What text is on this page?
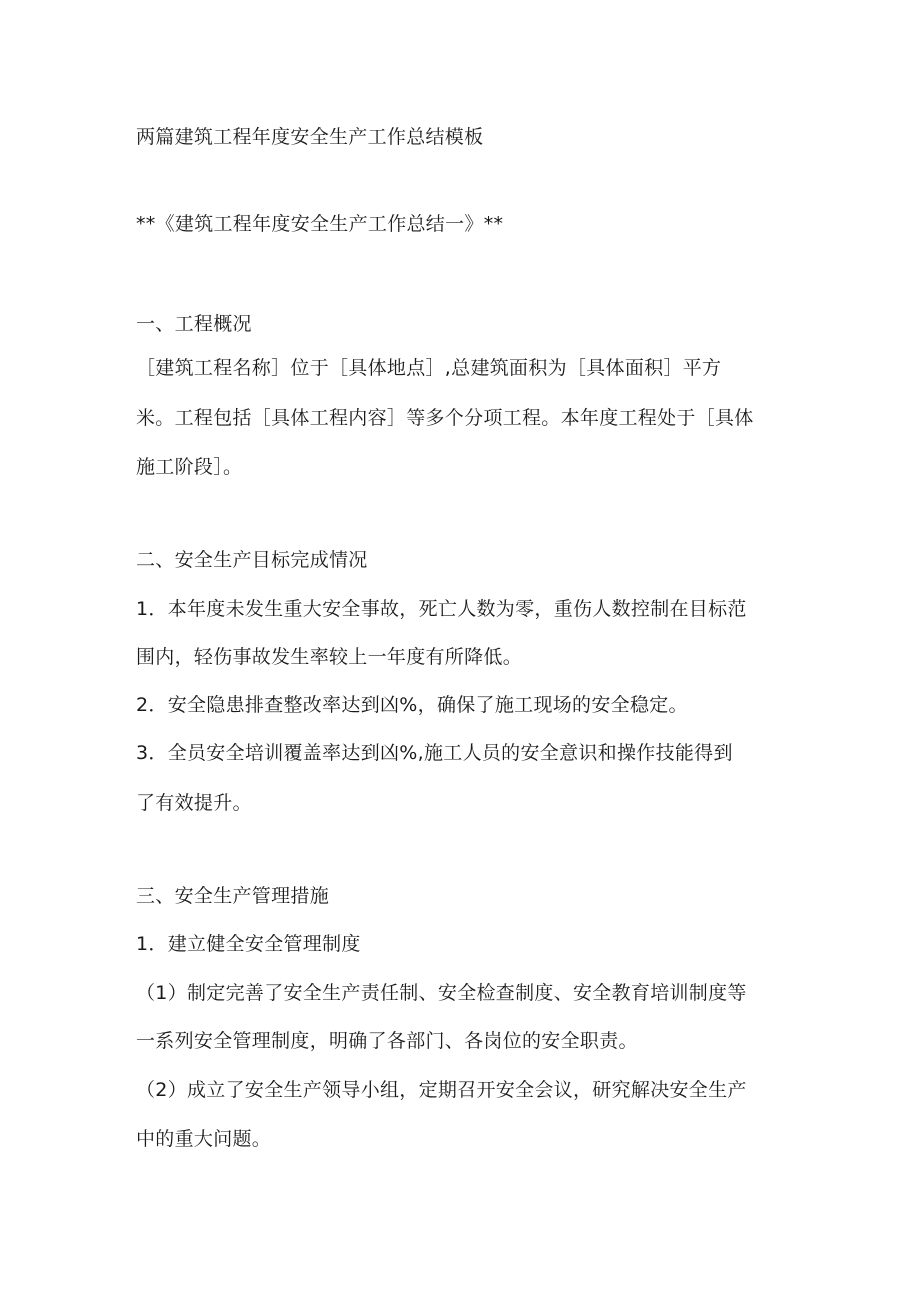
两篇建筑工程年度安全生产工作总结模板
**《建筑工程年度安全生产工作总结一》**
一、工程概况
［建筑工程名称］位于［具体地点］,总建筑面积为［具体面积］平方
米。工程包括［具体工程内容］等多个分项工程。本年度工程处于［具体
施工阶段］。
二、安全生产目标完成情况
1．本年度未发生重大安全事故，死亡人数为零，重伤人数控制在目标范
围内，轻伤事故发生率较上一年度有所降低。
2．安全隐患排查整改率达到凶%，确保了施工现场的安全稳定。
3．全员安全培训覆盖率达到凶%,施工人员的安全意识和操作技能得到
了有效提升。
三、安全生产管理措施
1．建立健全安全管理制度
（1）制定完善了安全生产责任制、安全检查制度、安全教育培训制度等
一系列安全管理制度，明确了各部门、各岗位的安全职责。
（2）成立了安全生产领导小组，定期召开安全会议，研究解决安全生产
中的重大问题。
